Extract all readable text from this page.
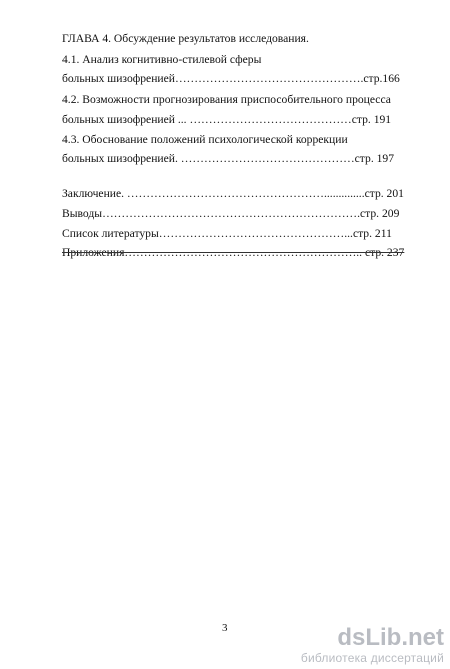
ГЛАВА 4. Обсуждение результатов исследования.
4.1. Анализ когнитивно-стилевой сферы
больных шизофренией………………………………………….стр.166
4.2. Возможности прогнозирования приспособительного процесса
больных шизофренией ... ……………………………………стр. 191
4.3. Обоснование положений психологической коррекции
больных шизофренией. ………………………………………стр. 197
Заключение. ……………………………………………..............стр. 201
Выводы………………………………………………………….стр. 209
Список литературы…………………………………………...стр. 211
Приложения…………………………………………………….. стр. 237
3	dsLib.net
библиотека диссертаций
